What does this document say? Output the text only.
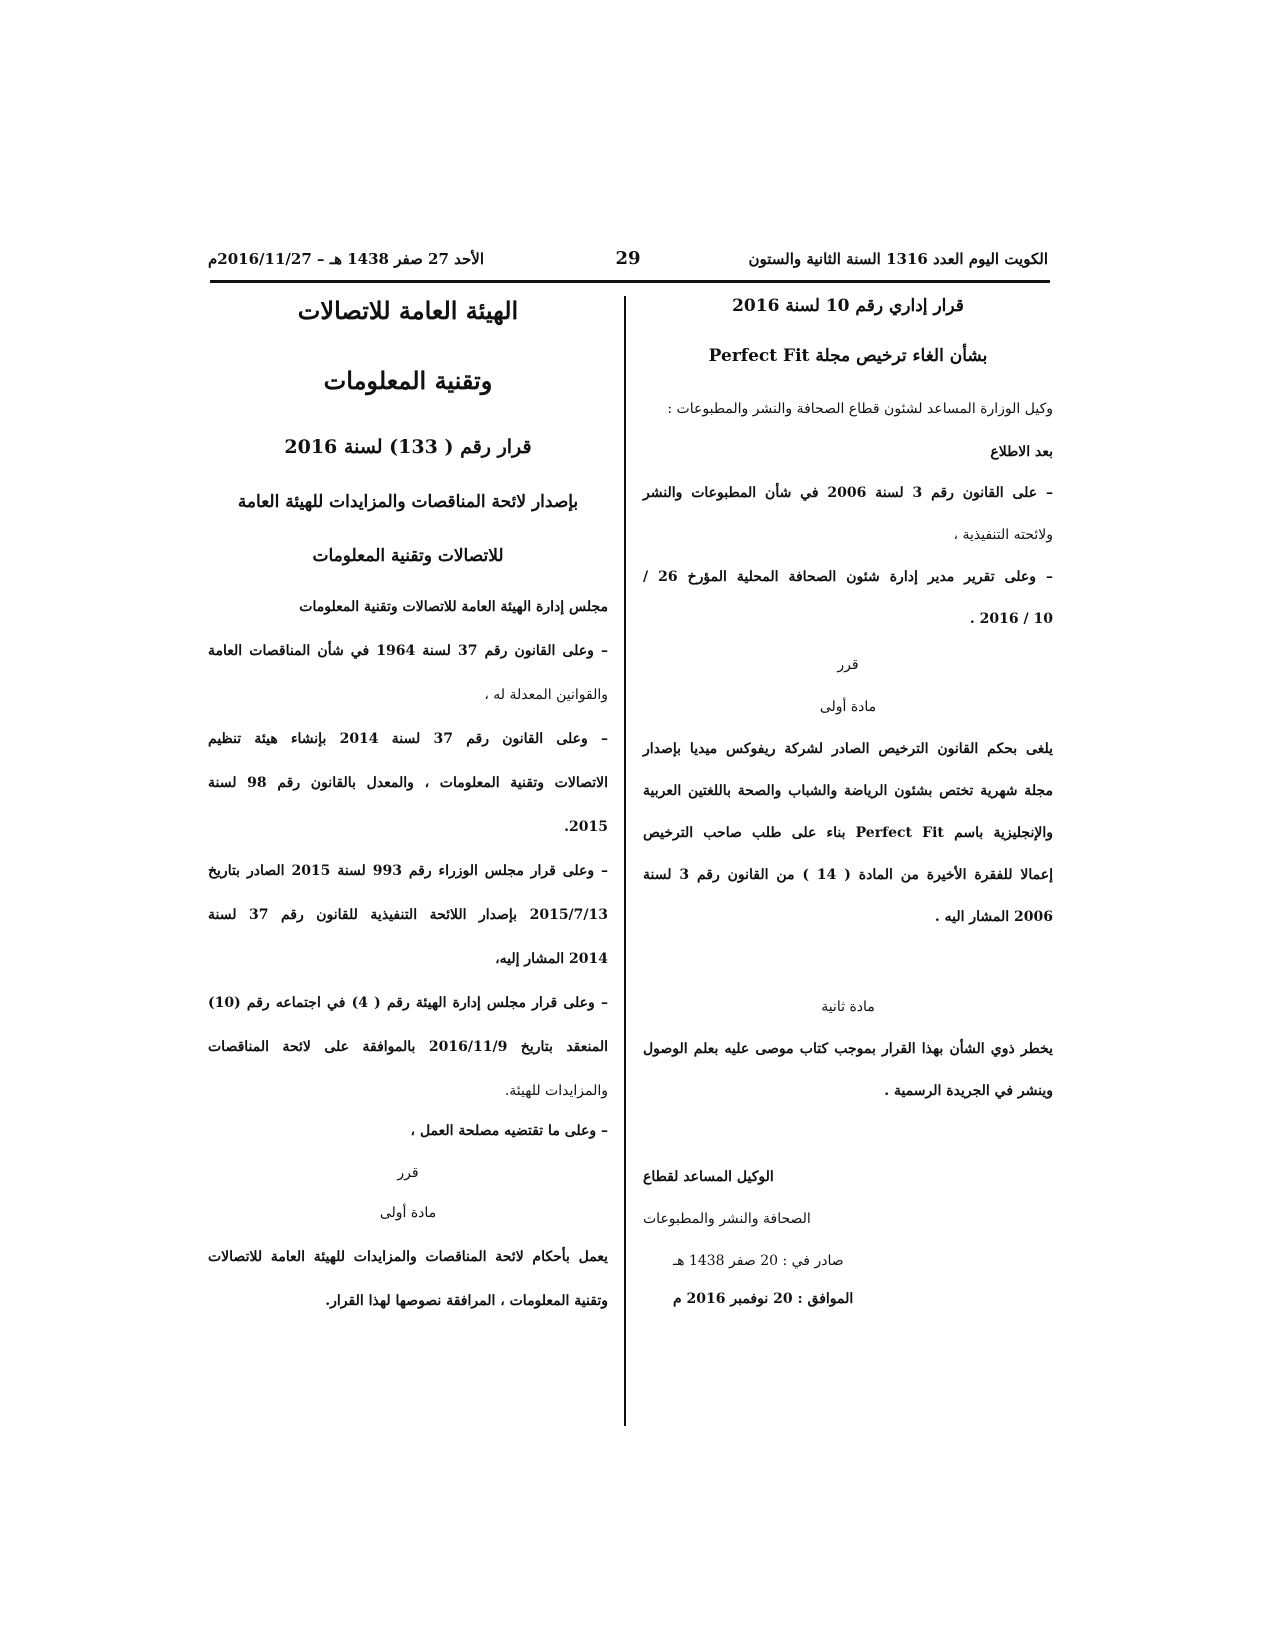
الكويت اليوم العدد 1316 السنة الثانية والستون
29
الأحد 27 صفر 1438 هـ – 2016/11/27م
قرار إداري رقم 10 لسنة 2016
بشأن الغاء ترخيص مجلة Perfect Fit
وكيل الوزارة المساعد لشئون قطاع الصحافة والنشر والمطبوعات :
بعد الاطلاع
– على القانون رقم 3 لسنة 2006 في شأن المطبوعات والنشر
ولائحته التنفيذية ،
– وعلى تقرير مدير إدارة شئون الصحافة المحلية المؤرخ 26 /
10 / 2016 .
قرر
مادة أولى
يلغى بحكم القانون الترخيص الصادر لشركة ريفوكس ميديا بإصدار
مجلة شهرية تختص بشئون الرياضة والشباب والصحة باللغتين العربية
والإنجليزية باسم Perfect Fit بناء على طلب صاحب الترخيص
إعمالا للفقرة الأخيرة من المادة ( 14 ) من القانون رقم 3 لسنة
2006 المشار اليه .
مادة ثانية
يخطر ذوي الشأن بهذا القرار بموجب كتاب موصى عليه بعلم الوصول
وينشر في الجريدة الرسمية .
الوكيل المساعد لقطاع
الصحافة والنشر والمطبوعات
صادر في : 20 صفر 1438 هـ
الموافق : 20 نوفمبر 2016 م
الهيئة العامة للاتصالات
وتقنية المعلومات
قرار رقم ( 133) لسنة 2016
بإصدار لائحة المناقصات والمزايدات للهيئة العامة
للاتصالات وتقنية المعلومات
مجلس إدارة الهيئة العامة للاتصالات وتقنية المعلومات
– وعلى القانون رقم 37 لسنة 1964 في شأن المناقصات العامة
والقوانين المعدلة له ،
– وعلى القانون رقم 37 لسنة 2014 بإنشاء هيئة تنظيم
الاتصالات وتقنية المعلومات ، والمعدل بالقانون رقم 98 لسنة
2015.
– وعلى قرار مجلس الوزراء رقم 993 لسنة 2015 الصادر بتاريخ
2015/7/13 بإصدار اللائحة التنفيذية للقانون رقم 37 لسنة
2014 المشار إليه،
– وعلى قرار مجلس إدارة الهيئة رقم ( 4) في اجتماعه رقم (10)
المنعقد بتاريخ 2016/11/9 بالموافقة على لائحة المناقصات
والمزايدات للهيئة.
– وعلى ما تقتضيه مصلحة العمل ،
قرر
مادة أولى
يعمل بأحكام لائحة المناقصات والمزايدات للهيئة العامة للاتصالات
وتقنية المعلومات ، المرافقة نصوصها لهذا القرار.
